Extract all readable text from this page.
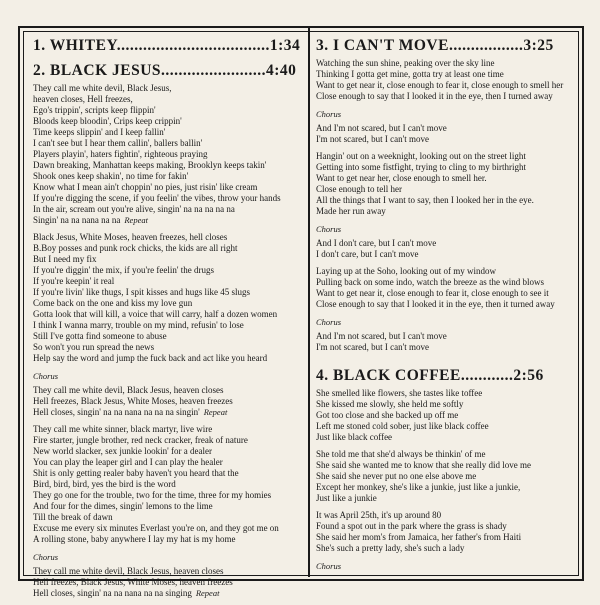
1. WHITEY...................................1:34
2. BLACK JESUS........................4:40
They call me white devil, Black Jesus,
heaven closes, Hell freezes,
Ego's trippin', scripts keep flippin'
Bloods keep bloodin', Crips keep crippin'
Time keeps slippin' and I keep fallin'
I can't see but I hear them callin', ballers ballin'
Players playin', haters fightin', righteous praying
Dawn breaking, Manhattan keeps making, Brooklyn keeps takin'
Shook ones keep shakin', no time for fakin'
Know what I mean ain't choppin' no pies, just risin' like cream
If you're digging the scene, if you feelin' the vibes, throw your hands
In the air, scream out you're alive, singin' na na na na na
Singin' na na nana na na Repeat
Black Jesus, White Moses, heaven freezes, hell closes
B.Boy posses and punk rock chicks, the kids are all right
But I need my fix
If you're diggin' the mix, if you're feelin' the drugs
If you're keepin' it real
If you're livin' like thugs, I spit kisses and hugs like 45 slugs
Come back on the one and kiss my love gun
Gotta look that will kill, a voice that will carry, half a dozen women
I think I wanna marry, trouble on my mind, refusin' to lose
Still I've gotta find someone to abuse
So won't you run spread the news
Help say the word and jump the fuck back and act like you heard
Chorus
They call me white devil, Black Jesus, heaven closes
Hell freezes, Black Jesus, White Moses, heaven freezes
Hell closes, singin' na na nana na na na singin' Repeat
They call me white sinner, black martyr, live wire
Fire starter, jungle brother, red neck cracker, freak of nature
New world slacker, sex junkie lookin' for a dealer
You can play the leaper girl and I can play the healer
Shit is only getting realer baby haven't you heard that the
Bird, bird, bird, yes the bird is the word
They go one for the trouble, two for the time, three for my homies
And four for the dimes, singin' lemons to the lime
Till the break of dawn
Excuse me every six minutes Everlast you're on, and they got me on
A rolling stone, baby anywhere I lay my hat is my home
Chorus
They call me white devil, Black Jesus, heaven closes
Hell freezes, Black Jesus, White Moses, heaven freezes
Hell closes, singin' na na nana na na singing Repeat
3. I CAN'T MOVE.................3:25
Watching the sun shine, peaking over the sky line
Thinking I gotta get mine, gotta try at least one time
Want to get near it, close enough to fear it, close enough to smell her
Close enough to say that I looked it in the eye, then I turned away
Chorus
And I'm not scared, but I can't move
I'm not scared, but I can't move
Hangin' out on a weeknight, looking out on the street light
Getting into some fistfight, trying to cling to my birthright
Want to get near her, close enough to smell her.
Close enough to tell her
All the things that I want to say, then I looked her in the eye.
Made her run away
Chorus
And I don't care, but I can't move
I don't care, but I can't move
Laying up at the Soho, looking out of my window
Pulling back on some indo, watch the breeze as the wind blows
Want to get near it, close enough to fear it, close enough to see it
Close enough to say that I looked it in the eye, then it turned away
Chorus
And I'm not scared, but I can't move
I'm not scared, but I can't move
4. BLACK COFFEE............2:56
She smelled like flowers, she tastes like toffee
She kissed me slowly, she held me softly
Got too close and she backed up off me
Left me stoned cold sober, just like black coffee
Just like black coffee
She told me that she'd always be thinkin' of me
She said she wanted me to know that she really did love me
She said she never put no one else above me
Except her monkey, she's like a junkie, just like a junkie,
Just like a junkie
It was April 25th, it's up around 80
Found a spot out in the park where the grass is shady
She said her mom's from Jamaica, her father's from Haiti
She's such a pretty lady, she's such a lady
Chorus
